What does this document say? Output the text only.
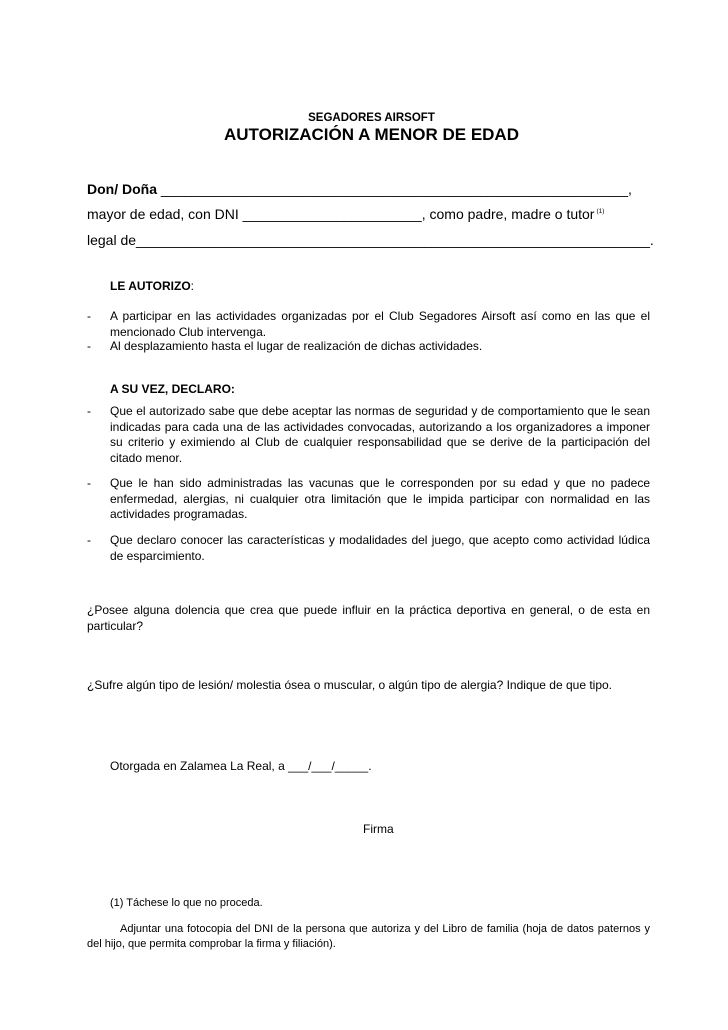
SEGADORES AIRSOFT
AUTORIZACIÓN A MENOR DE EDAD
Don/ Doña ____________________________________________________________,
mayor de edad, con DNI _______________________, como padre, madre o tutor $^{(1)}$
legal de__________________________________________________________________.
LE AUTORIZO:
- A participar en las actividades organizadas por el Club Segadores Airsoft así como en las que el mencionado Club intervenga.
- Al desplazamiento hasta el lugar de realización de dichas actividades.
A SU VEZ, DECLARO:
- Que el autorizado sabe que debe aceptar las normas de seguridad y de comportamiento que le sean indicadas para cada una de las actividades convocadas, autorizando a los organizadores a imponer su criterio y eximiendo al Club de cualquier responsabilidad que se derive de la participación del citado menor.
- Que le han sido administradas las vacunas que le corresponden por su edad y que no padece enfermedad, alergias, ni cualquier otra limitación que le impida participar con normalidad en las actividades programadas.
- Que declaro conocer las características y modalidades del juego, que acepto como actividad lúdica de esparcimiento.
¿Posee alguna dolencia que crea que puede influir en la práctica deportiva en general, o de esta en particular?
¿Sufre algún tipo de lesión/ molestia ósea o muscular, o algún tipo de alergia? Indique de que tipo.
Otorgada en Zalamea La Real, a ___/___/_____.
Firma
(1) Táchese lo que no proceda.
Adjuntar una fotocopia del DNI de la persona que autoriza y del Libro de familia (hoja de datos paternos y del hijo, que permita comprobar la firma y filiación).
